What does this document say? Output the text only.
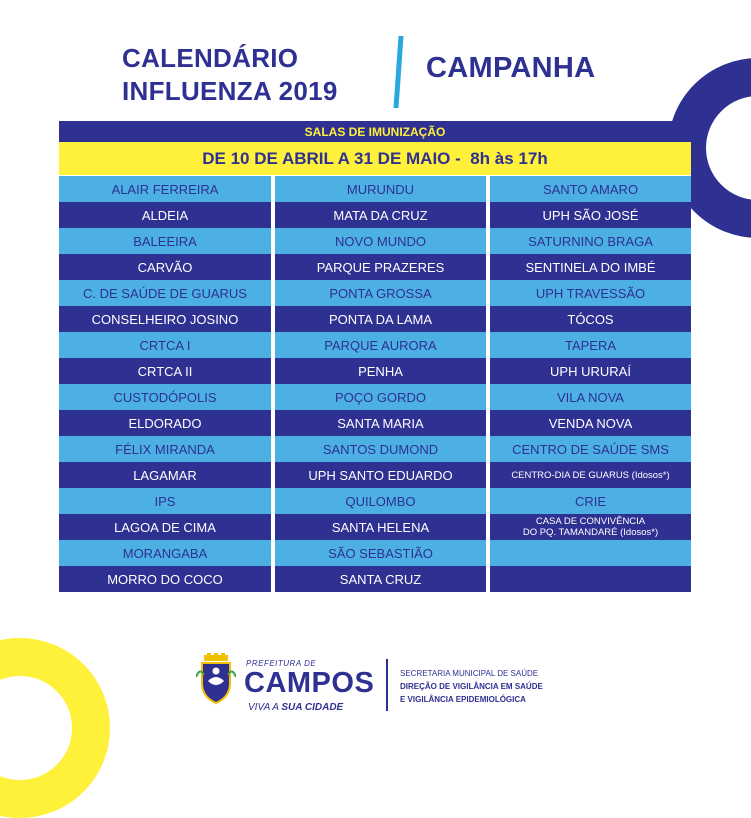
CALENDÁRIO
INFLUENZA 2019
CAMPANHA
SALAS DE IMUNIZAÇÃO
DE 10 DE ABRIL A 31 DE MAIO -  8h às 17h
ALAIR FERREIRA
ALDEIA
BALEEIRA
CARVÃO
C. DE SAÚDE DE GUARUS
CONSELHEIRO JOSINO
CRTCA I
CRTCA II
CUSTODÓPOLIS
ELDORADO
FÉLIX MIRANDA
LAGAMAR
IPS
LAGOA DE CIMA
MORANGABA
MORRO DO COCO
MURUNDU
MATA DA CRUZ
NOVO MUNDO
PARQUE PRAZERES
PONTA GROSSA
PONTA DA LAMA
PARQUE AURORA
PENHA
POÇO GORDO
SANTA MARIA
SANTOS DUMOND
UPH SANTO EDUARDO
QUILOMBO
SANTA HELENA
SÃO SEBASTIÃO
SANTA CRUZ
SANTO AMARO
UPH SÃO JOSÉ
SATURNINO BRAGA
SENTINELA DO IMBÉ
UPH TRAVESSÃO
TÓCOS
TAPERA
UPH URURAÍ
VILA NOVA
VENDA NOVA
CENTRO DE SAÚDE SMS
CENTRO-DIA DE GUARUS (Idosos*)
CRIE
CASA DE CONVIVÊNCIA
DO PQ. TAMANDARÉ (Idosos*)
PREFEITURA DE
CAMPOS
VIVA A SUA CIDADE
SECRETARIA MUNICIPAL DE SAÚDE
DIREÇÃO DE VIGILÂNCIA EM SAÚDE
E VIGILÂNCIA EPIDEMIOLÓGICA
